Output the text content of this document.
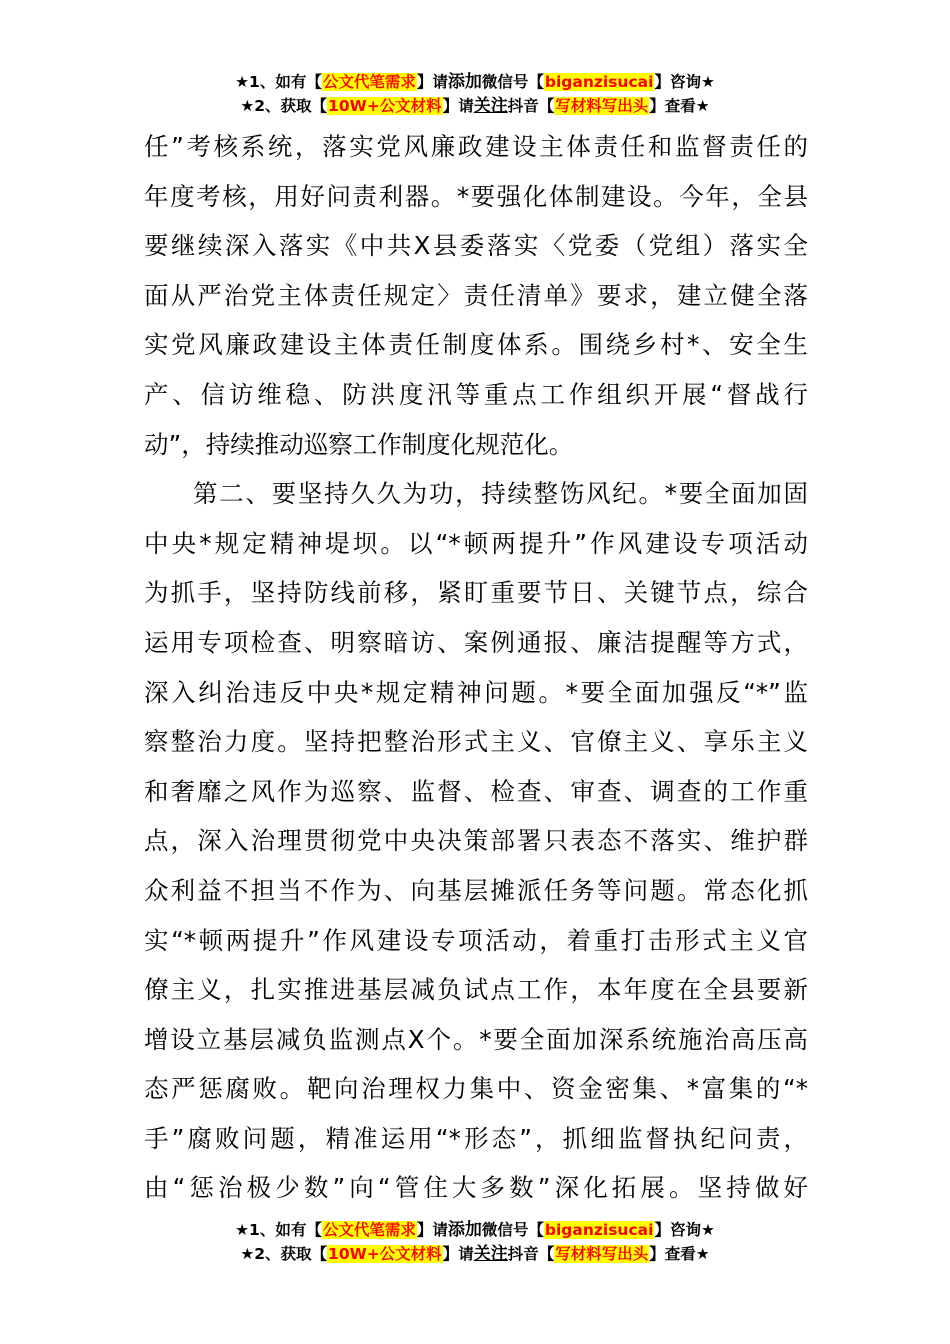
★1、如有【公文代笔需求】请添加微信号【biganzisucai】咨询★
★2、获取【10W+公文材料】请关注抖音【写材料写出头】查看★

任”考核系统，落实党风廉政建设主体责任和监督责任的
年度考核，用好问责利器。*要强化体制建设。今年，全县
要继续深入落实《中共X县委落实〈党委（党组）落实全
面从严治党主体责任规定〉责任清单》要求，建立健全落
实党风廉政建设主体责任制度体系。围绕乡村*、安全生
产、信访维稳、防洪度汛等重点工作组织开展“督战行
动”，持续推动巡察工作制度化规范化。

第二、要坚持久久为功，持续整饬风纪。*要全面加固
中央*规定精神堤坝。以“*顿两提升”作风建设专项活动
为抓手，坚持防线前移，紧盯重要节日、关键节点，综合
运用专项检查、明察暗访、案例通报、廉洁提醒等方式，
深入纠治违反中央*规定精神问题。*要全面加强反“*”监
察整治力度。坚持把整治形式主义、官僚主义、享乐主义
和奢靡之风作为巡察、监督、检查、审查、调查的工作重
点，深入治理贯彻党中央决策部署只表态不落实、维护群
众利益不担当不作为、向基层摊派任务等问题。常态化抓
实“*顿两提升”作风建设专项活动，着重打击形式主义官
僚主义，扎实推进基层减负试点工作，本年度在全县要新
增设立基层减负监测点X个。*要全面加深系统施治高压高
态严惩腐败。靶向治理权力集中、资金密集、*富集的“*
手”腐败问题，精准运用“*形态”，抓细监督执纪问责，
由“惩治极少数”向“管住大多数”深化拓展。坚持做好

★1、如有【公文代笔需求】请添加微信号【biganzisucai】咨询★
★2、获取【10W+公文材料】请关注抖音【写材料写出头】查看★
